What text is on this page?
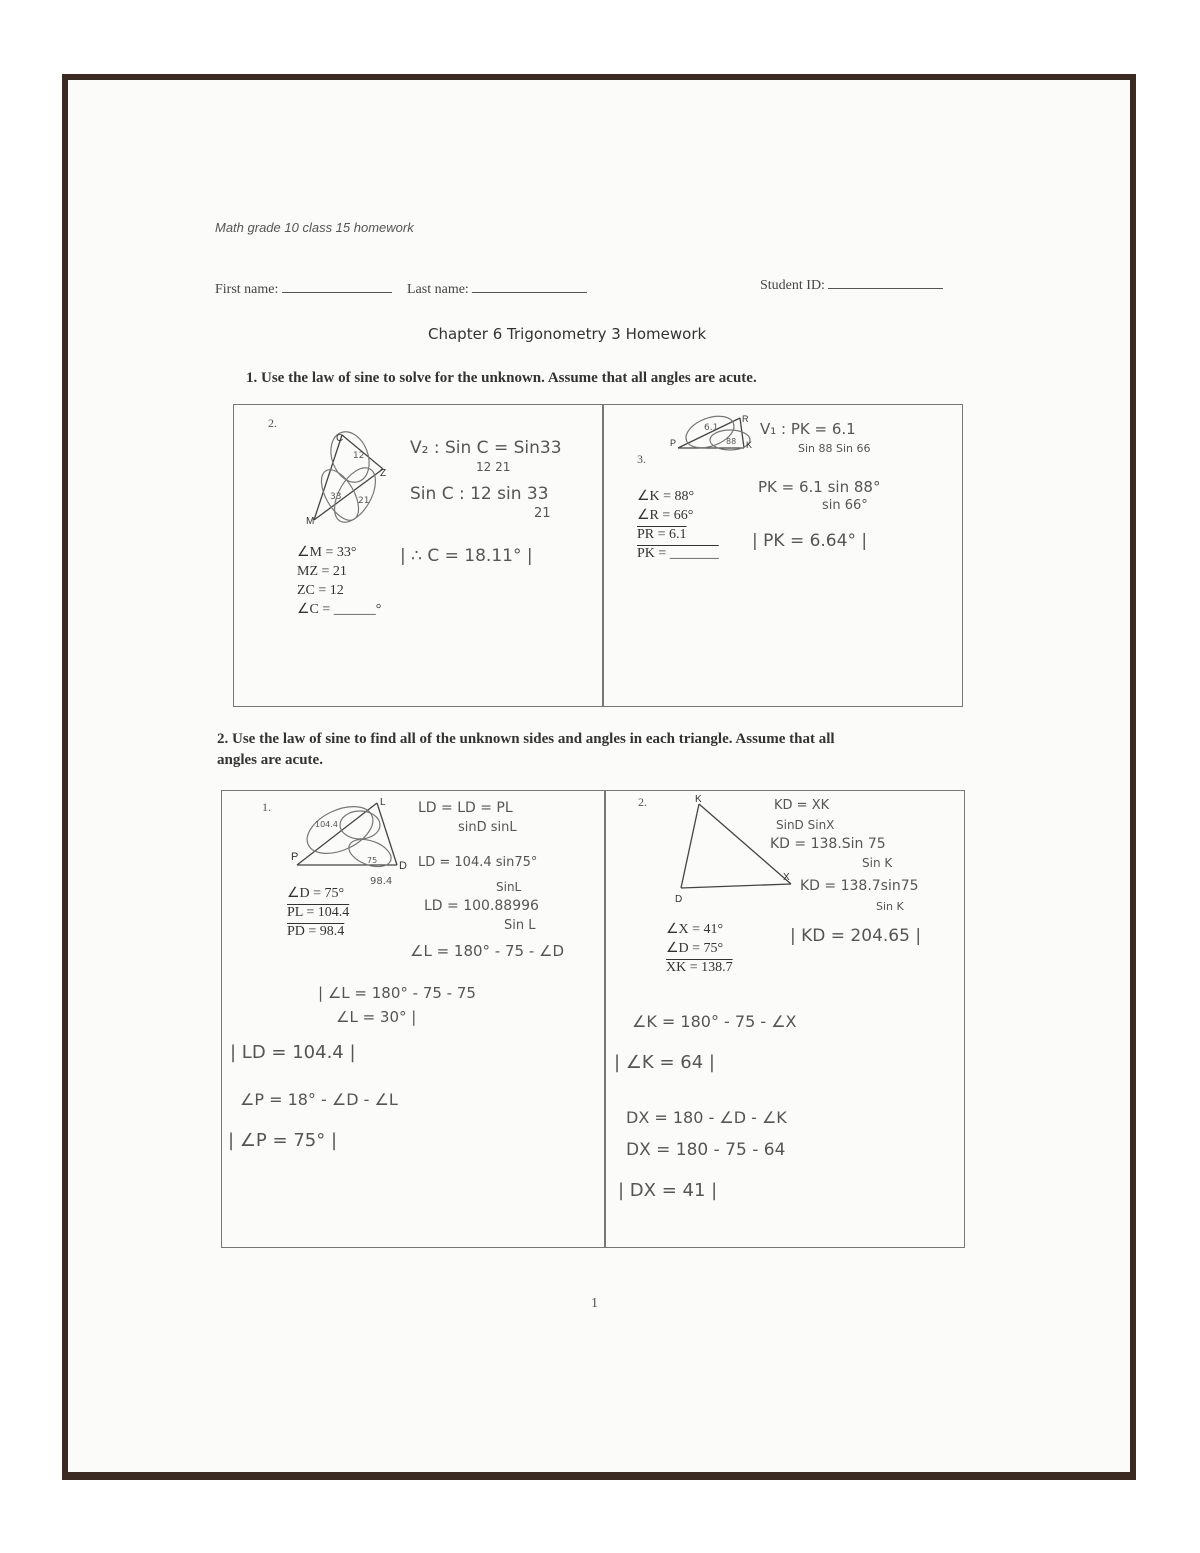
Math grade 10 class 15 homework
First name:	Last name:	Student ID:
Chapter 6 Trigonometry 3 Homework
1. Use the law of sine to solve for the unknown. Assume that all angles are acute.
2.
C
Z
M
12
21
33
∠M = 33°
MZ = 21
ZC = 12
∠C = ______°
V₂ : Sin C = Sin33
12 21
Sin C : 12 sin 33
21
| ∴ C = 18.11° |
3.
P
R
K
6.1
88
∠K = 88°
∠R = 66°
PR = 6.1
PK = _______
V₁ : PK = 6.1
Sin 88 Sin 66
PK = 6.1 sin 88°
sin 66°
| PK = 6.64° |
2. Use the law of sine to find all of the unknown sides and angles in each triangle. Assume that all
angles are acute.
1.
P
L
D
104.4
75
98.4
∠D = 75°
PL = 104.4
PD = 98.4
LD = LD = PL
sinD sinL
LD = 104.4 sin75°
SinL
LD = 100.88996
Sin L
∠L = 180° - 75 - ∠D
| ∠L = 180° - 75 - 75
∠L = 30° |
| LD = 104.4 |
∠P = 18° - ∠D - ∠L
| ∠P = 75° |
2.	K
D
X
∠X = 41°
∠D = 75°
XK = 138.7
KD = XK
SinD SinX
KD = 138.Sin 75
Sin K
KD = 138.7sin75
Sin K
| KD = 204.65 |
∠K = 180° - 75 - ∠X
| ∠K = 64 |
DX = 180 - ∠D - ∠K
DX = 180 - 75 - 64
| DX = 41 |
1
